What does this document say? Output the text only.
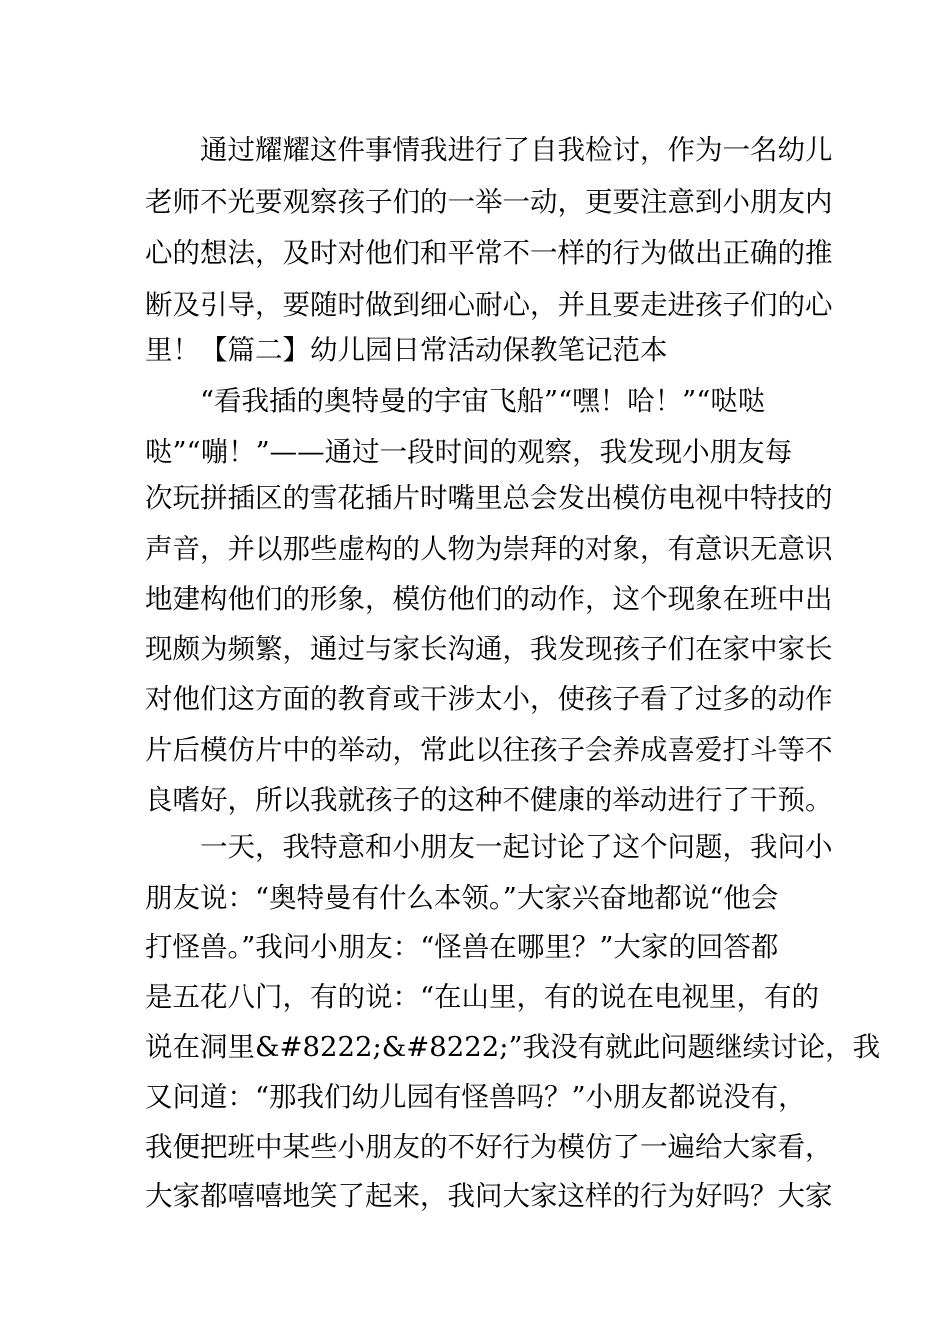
通过耀耀这件事情我进行了自我检讨，作为一名幼儿
老师不光要观察孩子们的一举一动，更要注意到小朋友内
心的想法，及时对他们和平常不一样的行为做出正确的推
断及引导，要随时做到细心耐心，并且要走进孩子们的心
里！【篇二】幼儿园日常活动保教笔记范本
“看我插的奥特曼的宇宙飞船”“嘿！哈！”“哒哒
哒”“嘣！”——通过一段时间的观察，我发现小朋友每
次玩拼插区的雪花插片时嘴里总会发出模仿电视中特技的
声音，并以那些虚构的人物为崇拜的对象，有意识无意识
地建构他们的形象，模仿他们的动作，这个现象在班中出
现颇为频繁，通过与家长沟通，我发现孩子们在家中家长
对他们这方面的教育或干涉太小，使孩子看了过多的动作
片后模仿片中的举动，常此以往孩子会养成喜爱打斗等不
良嗜好，所以我就孩子的这种不健康的举动进行了干预。
一天，我特意和小朋友一起讨论了这个问题，我问小
朋友说：“奥特曼有什么本领。”大家兴奋地都说“他会
打怪兽。”我问小朋友：“怪兽在哪里？”大家的回答都
是五花八门，有的说：“在山里，有的说在电视里，有的
说在洞里&#8222;&#8222;”我没有就此问题继续讨论，我
又问道：“那我们幼儿园有怪兽吗？”小朋友都说没有，
我便把班中某些小朋友的不好行为模仿了一遍给大家看，
大家都嘻嘻地笑了起来，我问大家这样的行为好吗？大家
